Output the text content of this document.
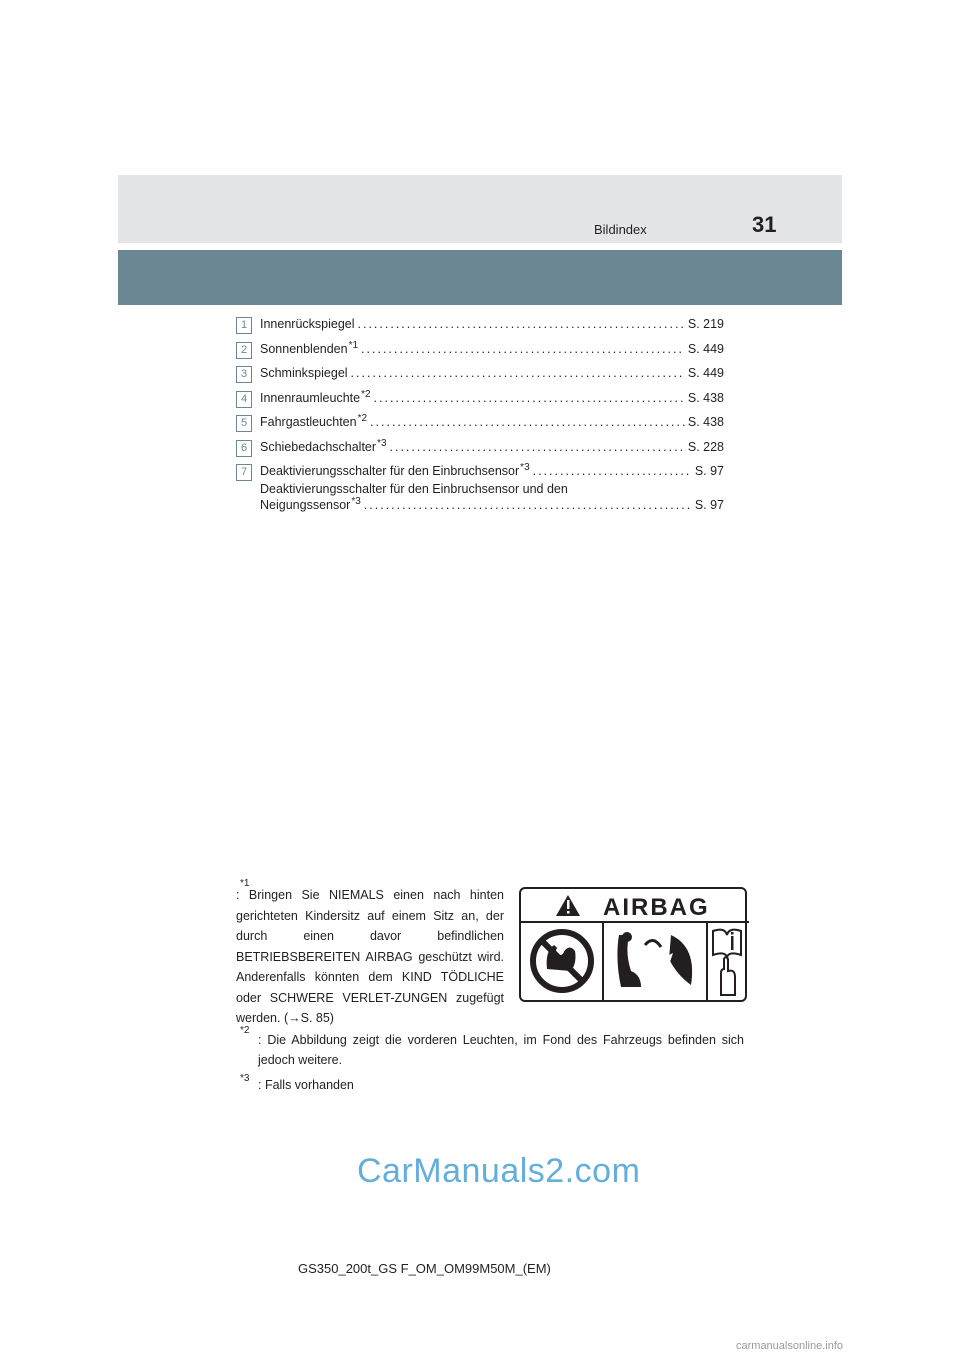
Bildindex	31
1	Innenrückspiegel .....	S. 219
2	Sonnenblenden *1 .....	S. 449
3	Schminkspiegel .....	S. 449
4	Innenraumleuchte *2 .....	S. 438
5	Fahrgastleuchten *2 .....	S. 438
6	Schiebedachschalter *3 .....	S. 228
7	Deaktivierungsschalter für den Einbruchsensor *3 .....	S. 97
Deaktivierungsschalter für den Einbruchsensor und den
Neigungssensor *3 .....	S. 97
$^{*1}$
: Bringen Sie NIEMALS einen nach hinten gerichteten Kindersitz auf einem Sitz an, der durch einen davor befindlichen BETRIEBSBEREITEN AIRBAG geschützt wird. Anderenfalls könnten dem KIND TÖDLICHE oder SCHWERE VERLET-ZUNGEN zugefügt werden. (→S. 85)
AIRBAG
$^{*2}$
: Die Abbildung zeigt die vorderen Leuchten, im Fond des Fahrzeugs befinden sich jedoch weitere.
$^{*3}$ : Falls vorhanden
CarManuals2.com
GS350_200t_GS F_OM_OM99M50M_(EM)
carmanualsonline.info
